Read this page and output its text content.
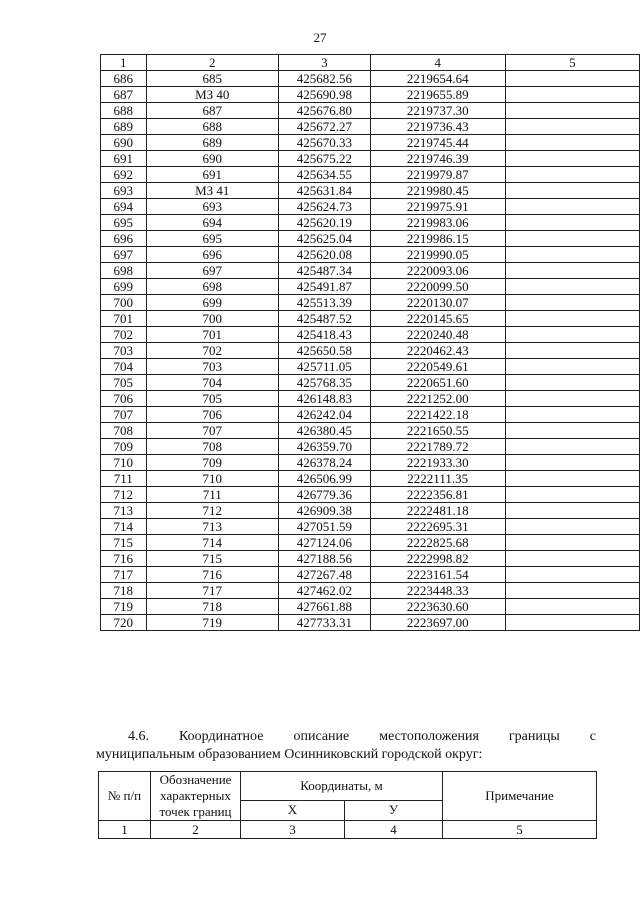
27
1	2	3	4	5
686	685	425682.56	2219654.64	
687	МЗ 40	425690.98	2219655.89	
688	687	425676.80	2219737.30	
689	688	425672.27	2219736.43	
690	689	425670.33	2219745.44	
691	690	425675.22	2219746.39	
692	691	425634.55	2219979.87	
693	МЗ 41	425631.84	2219980.45	
694	693	425624.73	2219975.91	
695	694	425620.19	2219983.06	
696	695	425625.04	2219986.15	
697	696	425620.08	2219990.05	
698	697	425487.34	2220093.06	
699	698	425491.87	2220099.50	
700	699	425513.39	2220130.07	
701	700	425487.52	2220145.65	
702	701	425418.43	2220240.48	
703	702	425650.58	2220462.43	
704	703	425711.05	2220549.61	
705	704	425768.35	2220651.60	
706	705	426148.83	2221252.00	
707	706	426242.04	2221422.18	
708	707	426380.45	2221650.55	
709	708	426359.70	2221789.72	
710	709	426378.24	2221933.30	
711	710	426506.99	2222111.35	
712	711	426779.36	2222356.81	
713	712	426909.38	2222481.18	
714	713	427051.59	2222695.31	
715	714	427124.06	2222825.68	
716	715	427188.56	2222998.82	
717	716	427267.48	2223161.54	
718	717	427462.02	2223448.33	
719	718	427661.88	2223630.60	
720	719	427733.31	2223697.00	
4.6. Координатное описание местоположения границы с
муниципальным образованием Осинниковский городской округ:
№ п/п	Обозначение характерных точек границ	Координаты, м		Примечание
		Х	У	
1	2	3	4	5
